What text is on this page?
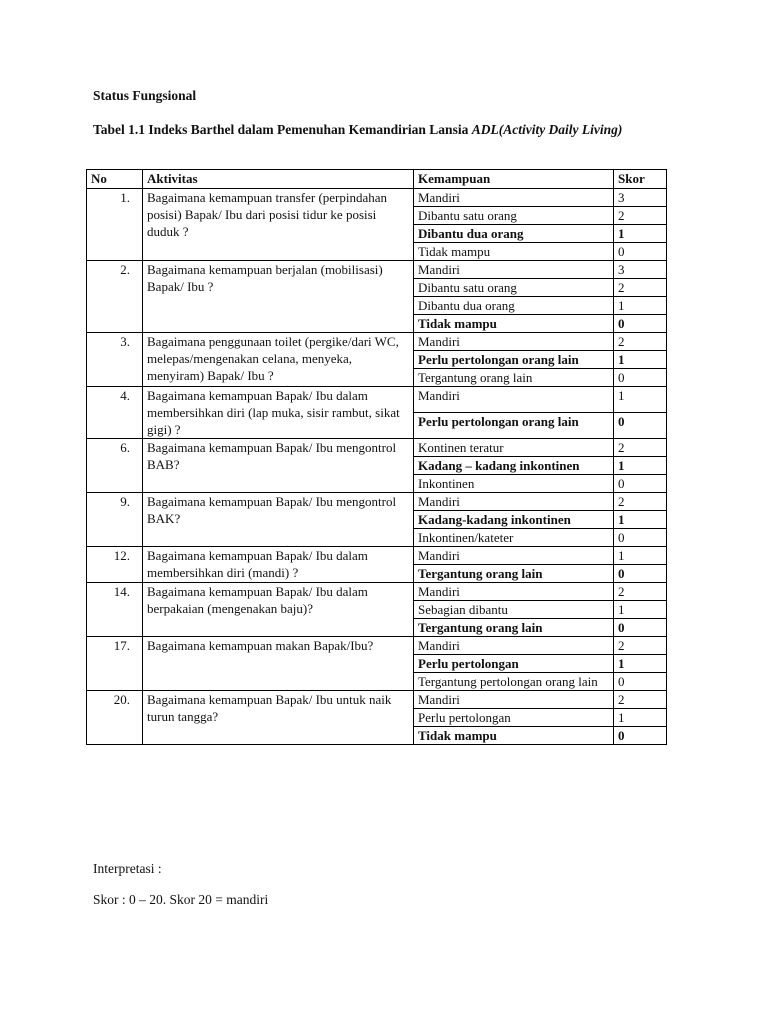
Status Fungsional
Tabel 1.1 Indeks Barthel dalam Pemenuhan Kemandirian Lansia ADL(Activity Daily Living)
No	Aktivitas	Kemampuan	Skor
1.	Bagaimana kemampuan transfer (perpindahan posisi) Bapak/ Ibu dari posisi tidur ke posisi duduk ?	Mandiri	3
		Dibantu satu orang	2
		Dibantu dua orang	1
		Tidak mampu	0
2.	Bagaimana kemampuan berjalan (mobilisasi) Bapak/ Ibu ?	Mandiri	3
		Dibantu satu orang	2
		Dibantu dua orang	1
		Tidak mampu	0
3.	Bagaimana penggunaan toilet (pergike/dari WC, melepas/mengenakan celana, menyeka, menyiram) Bapak/ Ibu ?	Mandiri	2
		Perlu pertolongan orang lain	1
		Tergantung orang lain	0
4.	Bagaimana kemampuan Bapak/ Ibu dalam membersihkan diri (lap muka, sisir rambut, sikat gigi) ?	Mandiri	1
		Perlu pertolongan orang lain	0
6.	Bagaimana kemampuan Bapak/ Ibu mengontrol BAB?	Kontinen teratur	2
		Kadang – kadang inkontinen	1
		Inkontinen	0
9.	Bagaimana kemampuan Bapak/ Ibu mengontrol BAK?	Mandiri	2
		Kadang-kadang inkontinen	1
		Inkontinen/kateter	0
12.	Bagaimana kemampuan Bapak/ Ibu dalam membersihkan diri (mandi) ?	Mandiri	1
		Tergantung orang lain	0
14.	Bagaimana kemampuan Bapak/ Ibu dalam berpakaian (mengenakan baju)?	Mandiri	2
		Sebagian dibantu	1
		Tergantung orang lain	0
17.	Bagaimana kemampuan makan Bapak/Ibu?	Mandiri	2
		Perlu pertolongan	1
		Tergantung pertolongan orang lain	0
20.	Bagaimana kemampuan Bapak/ Ibu untuk naik turun tangga?	Mandiri	2
		Perlu pertolongan	1
		Tidak mampu	0
Interpretasi :
Skor : 0 – 20. Skor 20 = mandiri
